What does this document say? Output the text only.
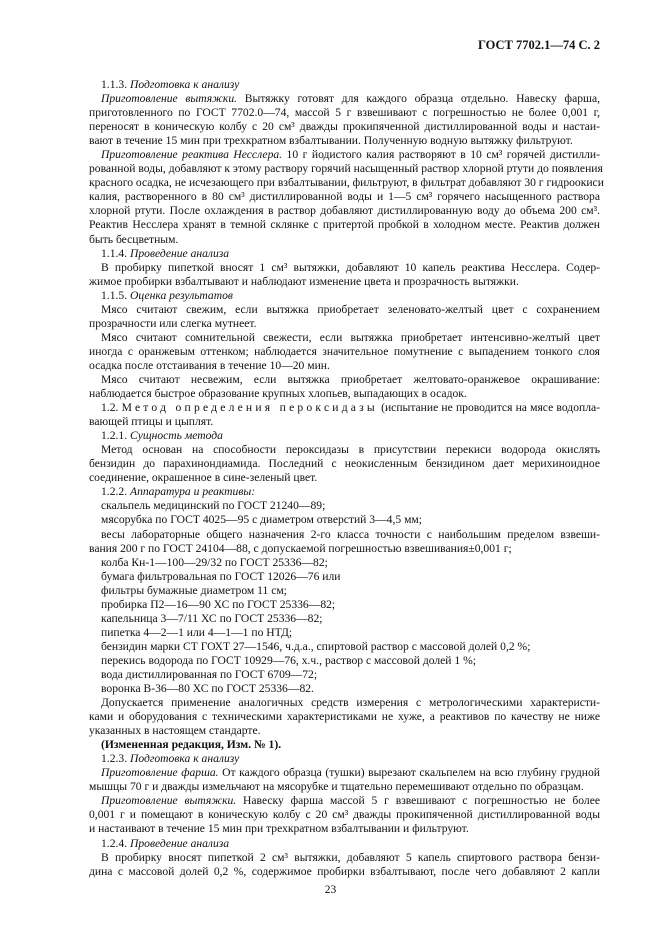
ГОСТ 7702.1—74 С. 2
1.1.3. Подготовка к анализу
Приготовление вытяжки. Вытяжку готовят для каждого образца отдельно. Навеску фарша,
приготовленного по ГОСТ 7702.0—74, массой 5 г взвешивают с погрешностью не более 0,001 г,
переносят в коническую колбу с 20 см³ дважды прокипяченной дистиллированной воды и настаи-
вают в течение 15 мин при трехкратном взбалтывании. Полученную водную вытяжку фильтруют.
Приготовление реактива Несслера. 10 г йодистого калия растворяют в 10 см³ горячей дистилли-
рованной воды, добавляют к этому раствору горячий насыщенный раствор хлорной ртути до появления
красного осадка, не исчезающего при взбалтывании, фильтруют, в фильтрат добавляют 30 г гидроокиси
калия, растворенного в 80 см³ дистиллированной воды и 1—5 см³ горячего насыщенного раствора
хлорной ртути. После охлаждения в раствор добавляют дистиллированную воду до объема 200 см³.
Реактив Несслера хранят в темной склянке с притертой пробкой в холодном месте. Реактив должен
быть бесцветным.
1.1.4. Проведение анализа
В пробирку пипеткой вносят 1 см³ вытяжки, добавляют 10 капель реактива Несслера. Содер-
жимое пробирки взбалтывают и наблюдают изменение цвета и прозрачность вытяжки.
1.1.5. Оценка результатов
Мясо считают свежим, если вытяжка приобретает зеленовато-желтый цвет с сохранением
прозрачности или слегка мутнеет.
Мясо считают сомнительной свежести, если вытяжка приобретает интенсивно-желтый цвет
иногда с оранжевым оттенком; наблюдается значительное помутнение с выпадением тонкого слоя
осадка после отстаивания в течение 10—20 мин.
Мясо считают несвежим, если вытяжка приобретает желтовато-оранжевое окрашивание:
наблюдается быстрое образование крупных хлопьев, выпадающих в осадок.
1.2. Метод определения пероксидазы (испытание не проводится на мясе водопла-
вающей птицы и цыплят.
1.2.1. Сущность метода
Метод основан на способности пероксидазы в присутствии перекиси водорода окислять
бензидин до парахинондиамида. Последний с неокисленным бензидином дает мерихиноидное
соединение, окрашенное в сине-зеленый цвет.
1.2.2. Аппаратура и реактивы:
скальпель медицинский по ГОСТ 21240—89;
мясорубка по ГОСТ 4025—95 с диаметром отверстий 3—4,5 мм;
весы лабораторные общего назначения 2-го класса точности с наибольшим пределом взвеши-
вания 200 г по ГОСТ 24104—88, с допускаемой погрешностью взвешивания±0,001 г;
колба Кн-1—100—29/32 по ГОСТ 25336—82;
бумага фильтровальная по ГОСТ 12026—76 или
фильтры бумажные диаметром 11 см;
пробирка П2—16—90 ХС по ГОСТ 25336—82;
капельница 3—7/11 ХС по ГОСТ 25336—82;
пипетка 4—2—1 или 4—1—1 по НТД;
бензидин марки СТ ГОХТ 27—1546, ч.д.а., спиртовой раствор с массовой долей 0,2 %;
перекись водорода по ГОСТ 10929—76, х.ч., раствор с массовой долей 1 %;
вода дистиллированная по ГОСТ 6709—72;
воронка В-36—80 ХС по ГОСТ 25336—82.
Допускается применение аналогичных средств измерения с метрологическими характеристи-
ками и оборудования с техническими характеристиками не хуже, а реактивов по качеству не ниже
указанных в настоящем стандарте.
(Измененная редакция, Изм. № 1).
1.2.3. Подготовка к анализу
Приготовление фарша. От каждого образца (тушки) вырезают скальпелем на всю глубину грудной
мышцы 70 г и дважды измельчают на мясорубке и тщательно перемешивают отдельно по образцам.
Приготовление вытяжки. Навеску фарша массой 5 г взвешивают с погрешностью не более
0,001 г и помещают в коническую колбу с 20 см³ дважды прокипяченной дистиллированной воды
и настаивают в течение 15 мин при трехкратном взбалтывании и фильтруют.
1.2.4. Проведение анализа
В пробирку вносят пипеткой 2 см³ вытяжки, добавляют 5 капель спиртового раствора бензи-
дина с массовой долей 0,2 %, содержимое пробирки взбалтывают, после чего добавляют 2 капли
23
